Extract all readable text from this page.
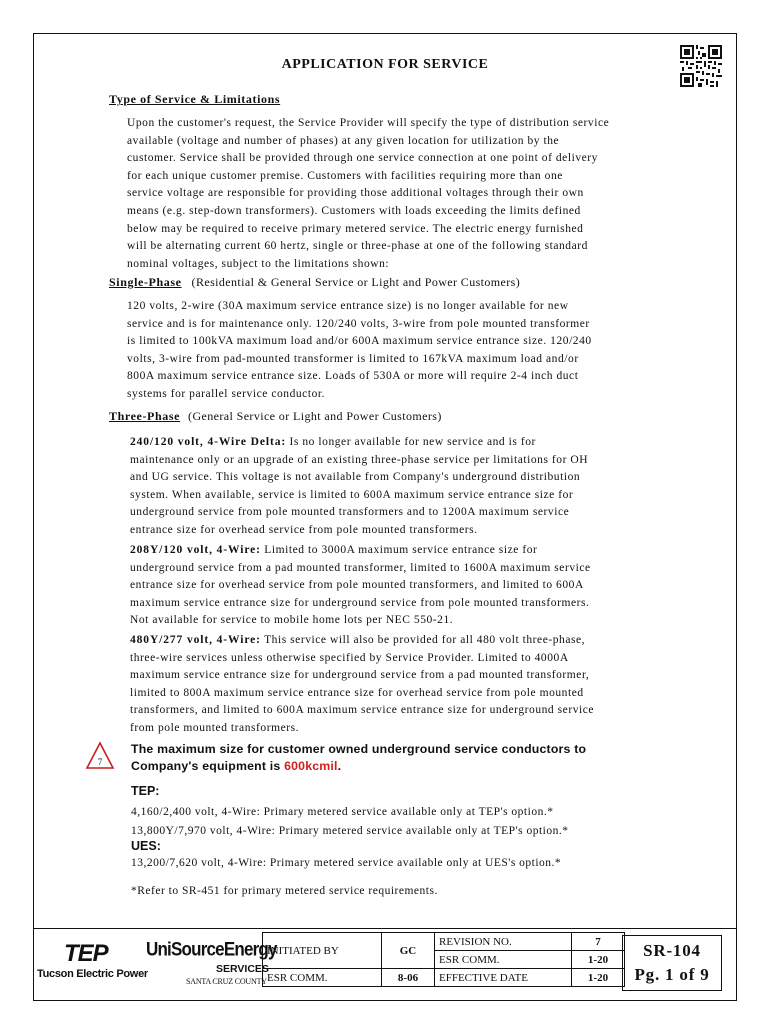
APPLICATION FOR SERVICE
Type of Service & Limitations
Upon the customer's request, the Service Provider will specify the type of distribution service
available (voltage and number of phases) at any given location for utilization by the
customer. Service shall be provided through one service connection at one point of delivery
for each unique customer premise. Customers with facilities requiring more than one
service voltage are responsible for providing those additional voltages through their own
means (e.g. step-down transformers). Customers with loads exceeding the limits defined
below may be required to receive primary metered service. The electric energy furnished
will be alternating current 60 hertz, single or three-phase at one of the following standard
nominal voltages, subject to the limitations shown:
Single-Phase (Residential & General Service or Light and Power Customers)
120 volts, 2-wire (30A maximum service entrance size) is no longer available for new
service and is for maintenance only. 120/240 volts, 3-wire from pole mounted transformer
is limited to 100kVA maximum load and/or 600A maximum service entrance size. 120/240
volts, 3-wire from pad-mounted transformer is limited to 167kVA maximum load and/or
800A maximum service entrance size. Loads of 530A or more will require 2-4 inch duct
systems for parallel service conductor.
Three-Phase (General Service or Light and Power Customers)
240/120 volt, 4-Wire Delta: Is no longer available for new service and is for
maintenance only or an upgrade of an existing three-phase service per limitations for OH
and UG service. This voltage is not available from Company's underground distribution
system. When available, service is limited to 600A maximum service entrance size for
underground service from pole mounted transformers and to 1200A maximum service
entrance size for overhead service from pole mounted transformers.
208Y/120 volt, 4-Wire: Limited to 3000A maximum service entrance size for
underground service from a pad mounted transformer, limited to 1600A maximum service
entrance size for overhead service from pole mounted transformers, and limited to 600A
maximum service entrance size for underground service from pole mounted transformers.
Not available for service to mobile home lots per NEC 550-21.
480Y/277 volt, 4-Wire: This service will also be provided for all 480 volt three-phase,
three-wire services unless otherwise specified by Service Provider. Limited to 4000A
maximum service entrance size for underground service from a pad mounted transformer,
limited to 800A maximum service entrance size for overhead service from pole mounted
transformers, and limited to 600A maximum service entrance size for underground service
from pole mounted transformers.
7
The maximum size for customer owned underground service conductors to
Company's equipment is 600kcmil.
TEP:
4,160/2,400 volt, 4-Wire: Primary metered service available only at TEP's option.*
13,800Y/7,970 volt, 4-Wire: Primary metered service available only at TEP's option.*
UES:
13,200/7,620 volt, 4-Wire: Primary metered service available only at UES's option.*
*Refer to SR-451 for primary metered service requirements.
TEP
Tucson Electric Power
UniSourceEnergy
SERVICES
SANTA CRUZ COUNTY
INITIATED BY	GC	REVISION NO.	7
		ESR COMM.	1-20
ESR COMM.	8-06	EFFECTIVE DATE	1-20
SR-104
Pg. 1 of 9
